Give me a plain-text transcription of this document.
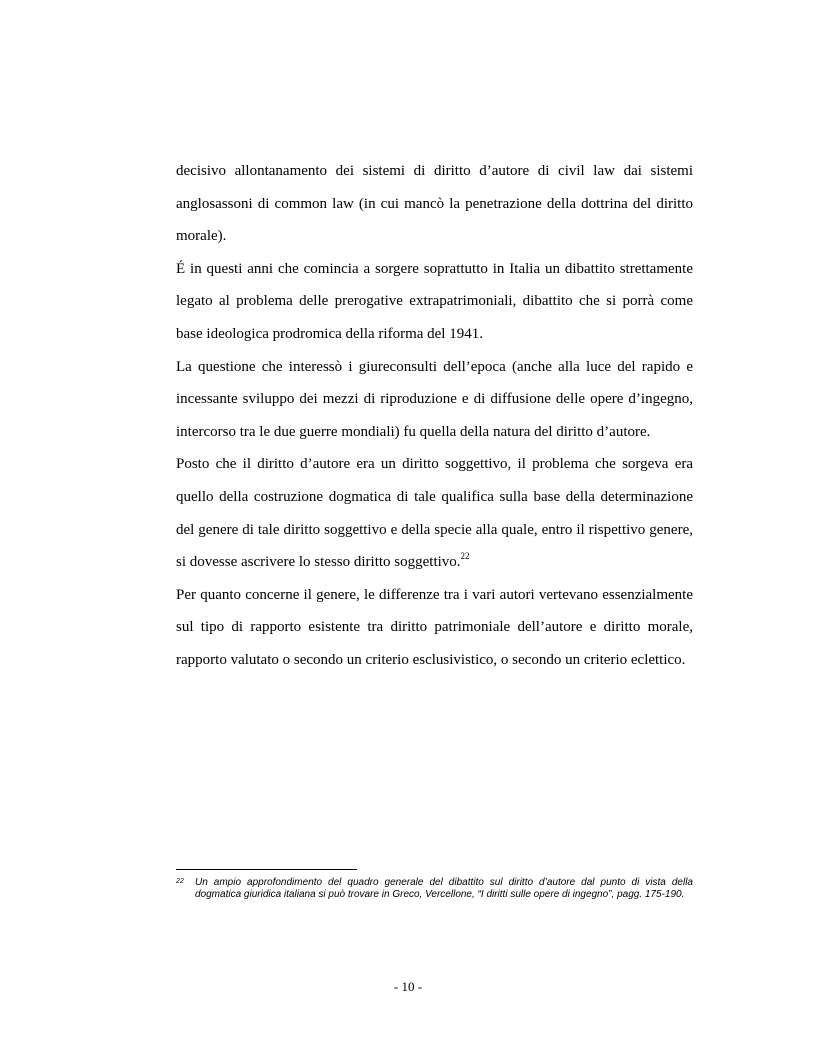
decisivo allontanamento dei sistemi di diritto d’autore di civil law dai sistemi anglosassoni di common law (in cui mancò la penetrazione della dottrina del diritto morale).

É in questi anni che comincia a sorgere soprattutto in Italia un dibattito strettamente legato al problema delle prerogative extrapatrimoniali, dibattito che si porrà come base ideologica prodromica della riforma del 1941.

La questione che interessò i giureconsulti dell’epoca (anche alla luce del rapido e incessante sviluppo dei mezzi di riproduzione e di diffusione delle opere d’ingegno, intercorso tra le due guerre mondiali) fu quella della natura del diritto d’autore.

Posto che il diritto d’autore era un diritto soggettivo, il problema che sorgeva era quello della costruzione dogmatica di tale qualifica sulla base della determinazione del genere di tale diritto soggettivo e della specie alla quale, entro il rispettivo genere, si dovesse ascrivere lo stesso diritto soggettivo.$^{22}$

Per quanto concerne il genere, le differenze tra i vari autori vertevano essenzialmente sul tipo di rapporto esistente tra diritto patrimoniale dell’autore e diritto morale, rapporto valutato o secondo un criterio esclusivistico, o secondo un criterio eclettico.

22 Un ampio approfondimento del quadro generale del dibattito sul diritto d’autore dal punto di vista della dogmatica giuridica italiana si può trovare in Greco, Vercellone, “I diritti sulle opere di ingegno”, pagg. 175-190.
- 10 -
